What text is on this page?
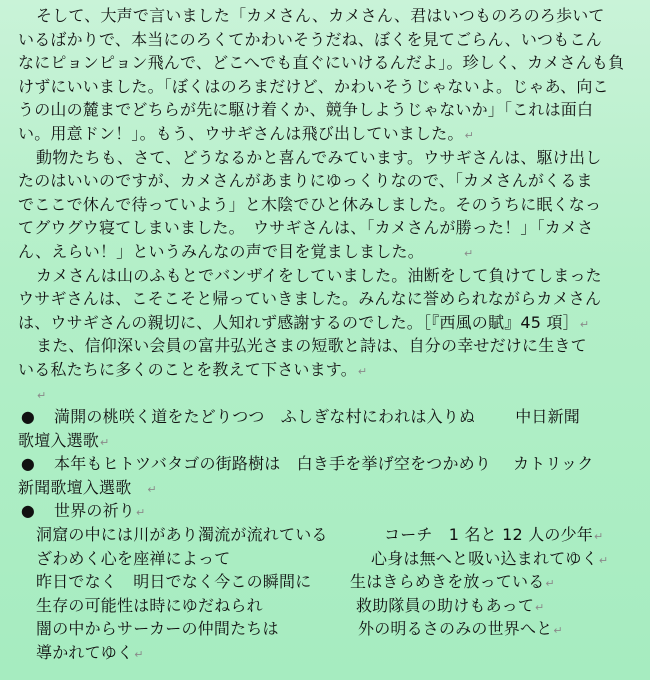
そして、大声で言いました「カメさん、カメさん、君はいつものろのろ歩いて
いるばかりで、本当にのろくてかわいそうだね、ぼくを見てごらん、いつもこん
なにピョンピョン飛んで、どこへでも直ぐにいけるんだよ」。珍しく、カメさんも負
けずにいいました。「ぼくはのろまだけど、かわいそうじゃないよ。じゃあ、向こ
うの山の麓までどちらが先に駆け着くか、競争しようじゃないか」「これは面白
い。用意ドン！」。もう、ウサギさんは飛び出していました。↵
動物たちも、さて、どうなるかと喜んでみています。ウサギさんは、駆け出し
たのはいいのですが、カメさんがあまりにゆっくりなので、「カメさんがくるま
でここで休んで待っていよう」と木陰でひと休みしました。そのうちに眠くなっ
てグウグウ寝てしまいました。　ウサギさんは、「カメさんが勝った！」「カメさ
ん、えらい！」というみんなの声で目を覚ましました。	↵
カメさんは山のふもとでバンザイをしていました。油断をして負けてしまった
ウサギさんは、こそこそと帰っていきました。みんなに誉められながらカメさん
は、ウサギさんの親切に、人知れず感謝するのでした。［『西風の賦』45 項］↵
また、信仰深い会員の富井弘光さまの短歌と詩は、自分の幸せだけに生きて
いる私たちに多くのことを教えて下さいます。↵
↵
● 満開の桃咲く道をたどりつつ　ふしぎな村にわれは入りぬ	中日新聞
歌壇入選歌↵
● 本年もヒトツバタゴの街路樹は　白き手を挙げ空をつかめり カトリック
新聞歌壇入選歌 ↵
● 世界の祈り↵
洞窟の中には川があり濁流が流れている	コーチ　1 名と 12 人の少年↵
ざわめく心を座禅によって	心身は無へと吸い込まれてゆく↵
昨日でなく　明日でなく今この瞬間に 生はきらめきを放っている↵
生存の可能性は時にゆだねられ	救助隊員の助けもあって↵
闇の中からサーカーの仲間たちは	外の明るさのみの世界へと↵
導かれてゆく↵
